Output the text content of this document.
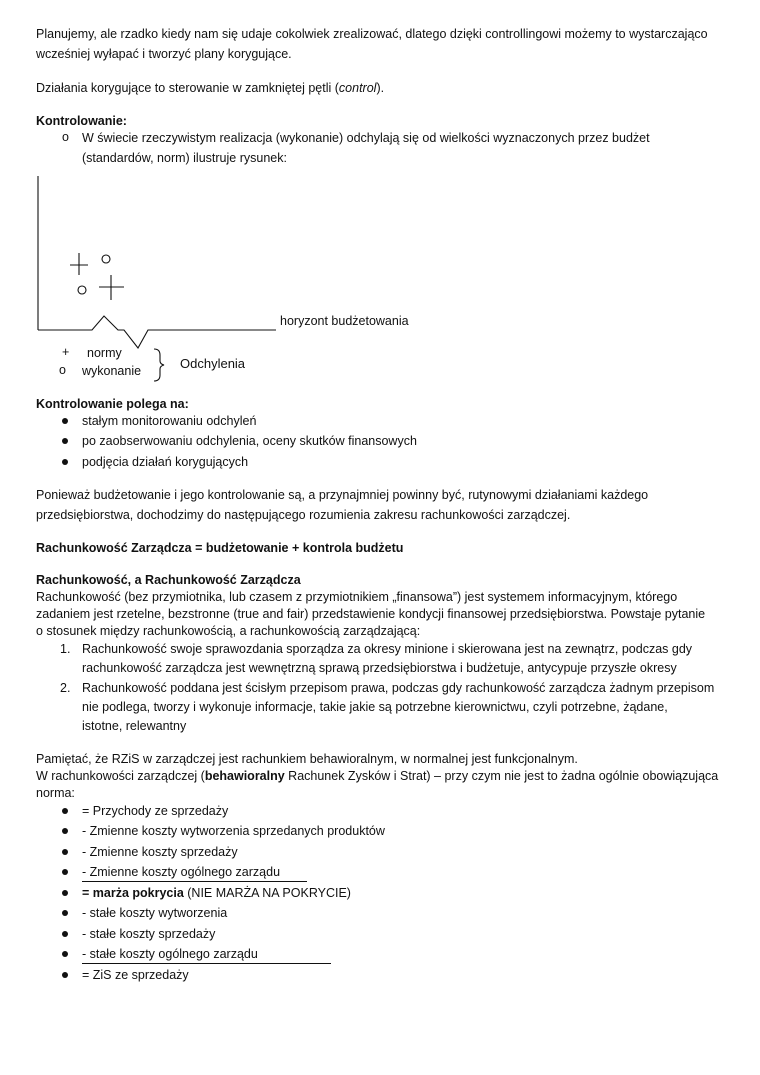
Planujemy, ale rzadko kiedy nam się udaje cokolwiek zrealizować, dlatego dzięki controllingowi możemy to wystarczająco
wcześniej wyłapać i tworzyć plany korygujące.
Działania korygujące to sterowanie w zamkniętej pętli (control).
Kontrolowanie:
o W świecie rzeczywistym realizacja (wykonanie) odchylają się od wielkości wyznaczonych przez budżet
(standardów, norm) ilustruje rysunek:
horyzont budżetowania
+ normy
o wykonanie	Odchylenia
Kontrolowanie polega na:
stałym monitorowaniu odchyleń
po zaobserwowaniu odchylenia, oceny skutków finansowych
podjęcia działań korygujących
Ponieważ budżetowanie i jego kontrolowanie są, a przynajmniej powinny być, rutynowymi działaniami każdego
przedsiębiorstwa, dochodzimy do następującego rozumienia zakresu rachunkowości zarządczej.
Rachunkowość Zarządcza = budżetowanie + kontrola budżetu
Rachunkowość, a Rachunkowość Zarządcza
Rachunkowość (bez przymiotnika, lub czasem z przymiotnikiem „finansowa”) jest systemem informacyjnym, którego
zadaniem jest rzetelne, bezstronne (true and fair) przedstawienie kondycji finansowej przedsiębiorstwa. Powstaje pytanie
o stosunek między rachunkowością, a rachunkowością zarządzającą:
1. Rachunkowość swoje sprawozdania sporządza za okresy minione i skierowana jest na zewnątrz, podczas gdy
rachunkowość zarządcza jest wewnętrzną sprawą przedsiębiorstwa i budżetuje, antycypuje przyszłe okresy
2. Rachunkowość poddana jest ścisłym przepisom prawa, podczas gdy rachunkowość zarządcza żadnym przepisom
nie podlega, tworzy i wykonuje informacje, takie jakie są potrzebne kierownictwu, czyli potrzebne, żądane,
istotne, relewantny
Pamiętać, że RZiS w zarządczej jest rachunkiem behawioralnym, w normalnej jest funkcjonalnym.
W rachunkowości zarządczej (behawioralny Rachunek Zysków i Strat) – przy czym nie jest to żadna ogólnie obowiązująca
norma:
= Przychody ze sprzedaży
- Zmienne koszty wytworzenia sprzedanych produktów
- Zmienne koszty sprzedaży
- Zmienne koszty ogólnego zarządu
= marża pokrycia (NIE MARŻA NA POKRYCIE)
- stałe koszty wytworzenia
- stałe koszty sprzedaży
- stałe koszty ogólnego zarządu
= ZiS ze sprzedaży
